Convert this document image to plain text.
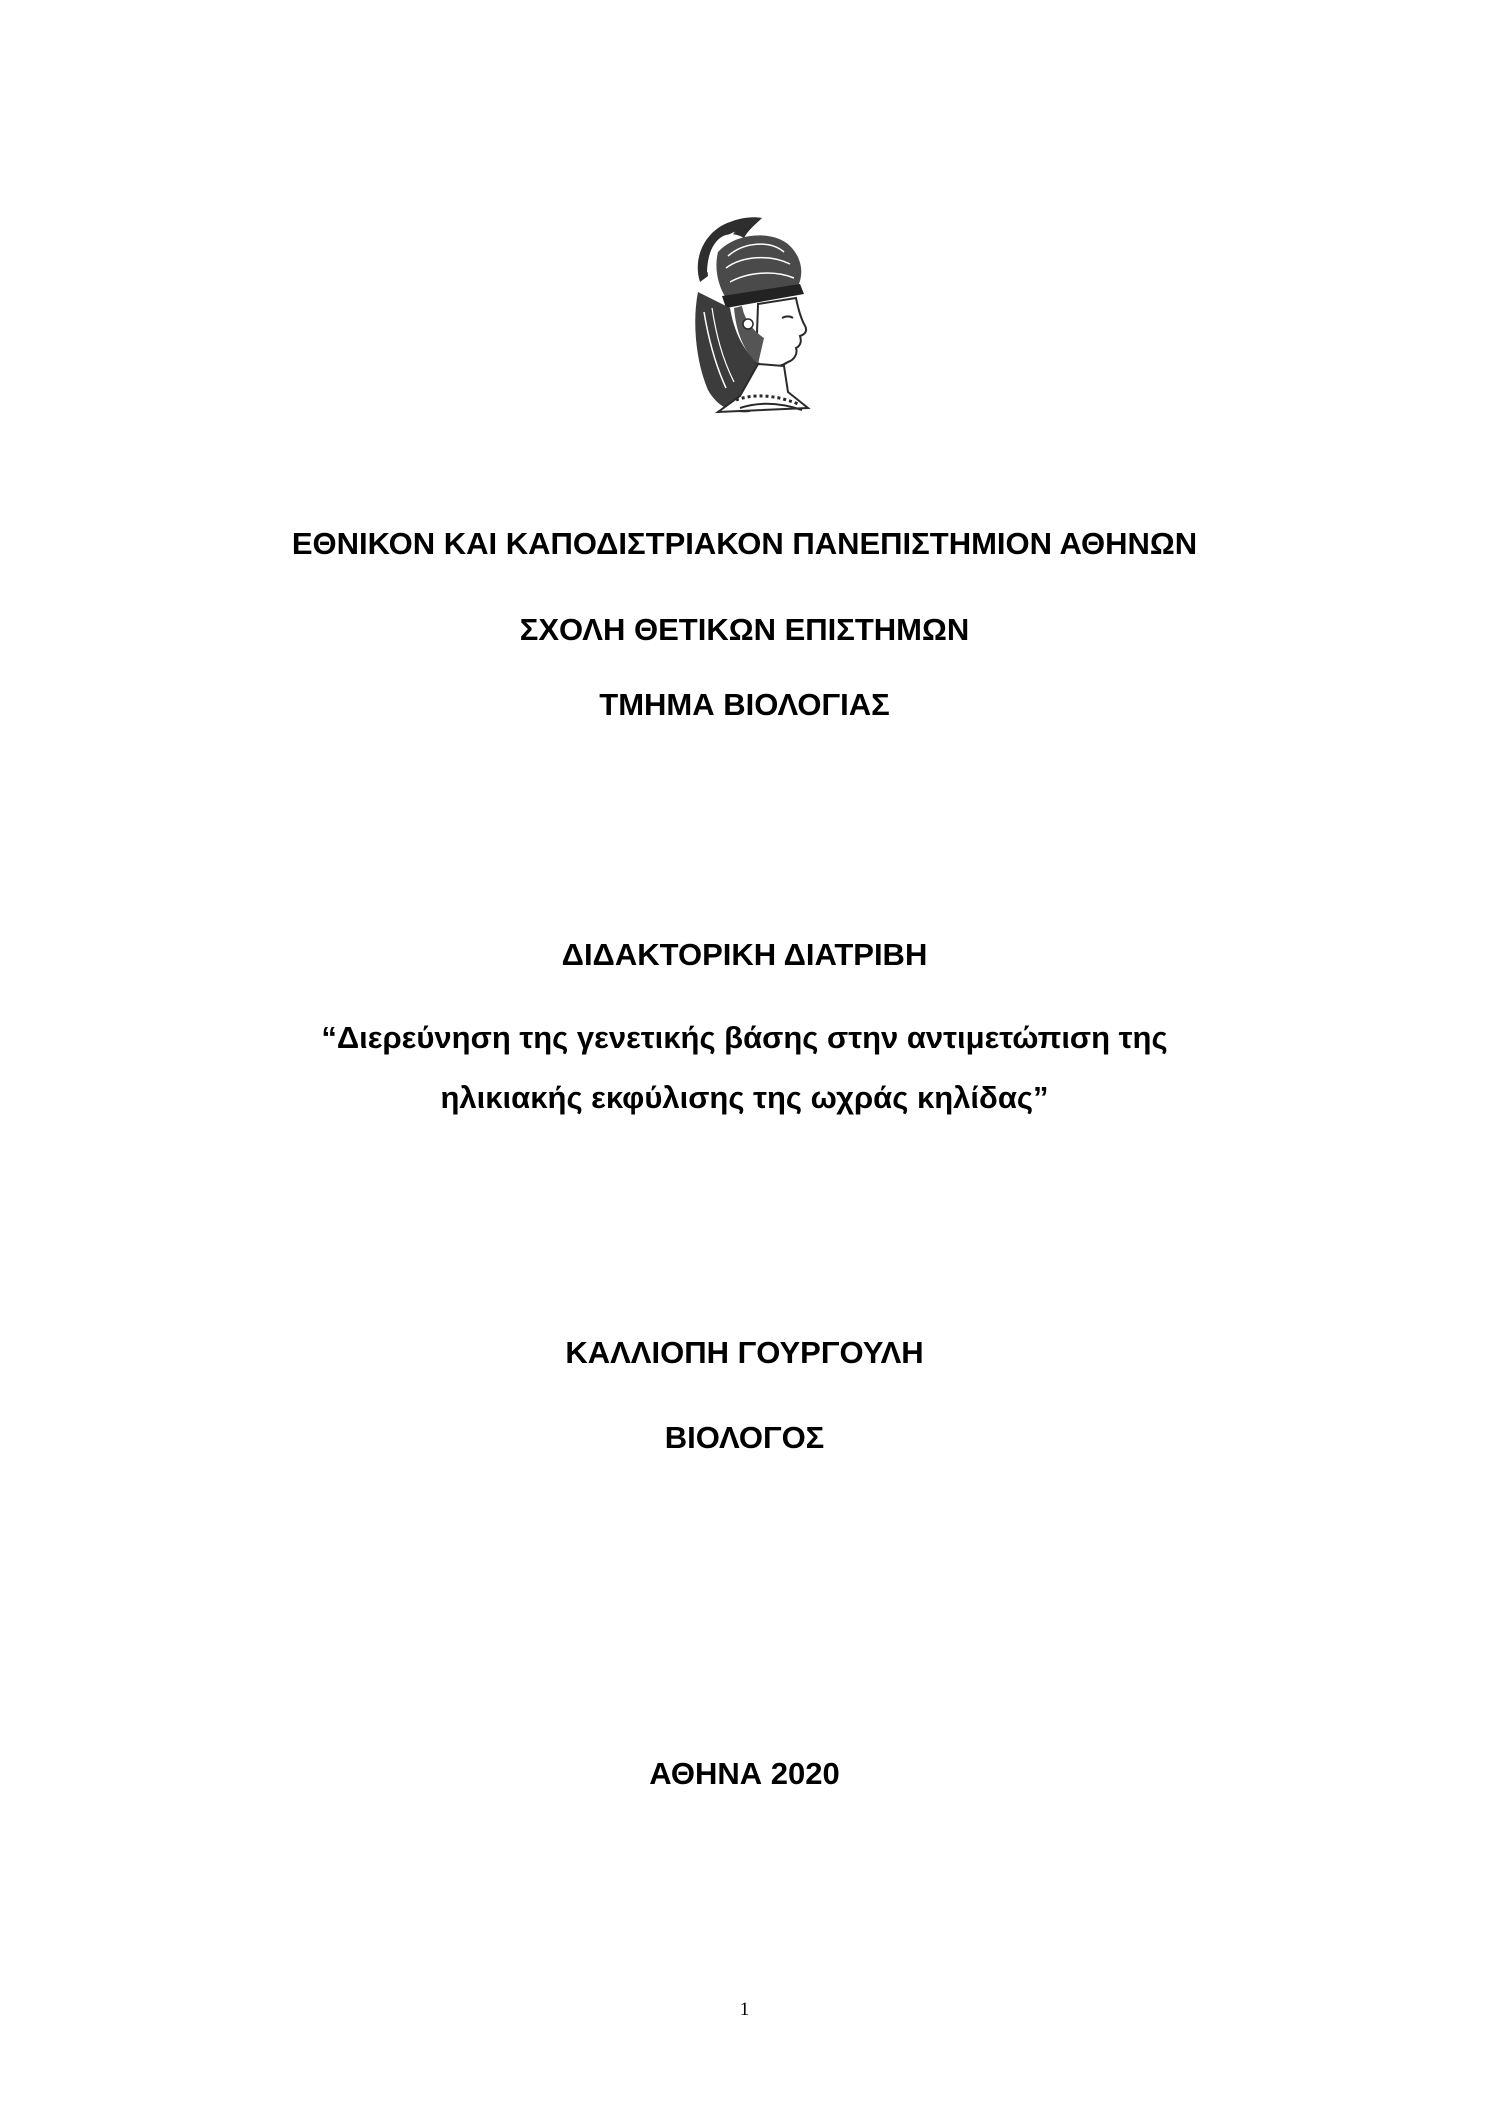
ΕΘΝΙΚΟΝ ΚΑΙ ΚΑΠΟΔΙΣΤΡΙΑΚΟΝ ΠΑΝΕΠΙΣΤΗΜΙΟΝ ΑΘΗΝΩΝ
ΣΧΟΛΗ ΘΕΤΙΚΩΝ ΕΠΙΣΤΗΜΩΝ
ΤΜΗΜΑ ΒΙΟΛΟΓΙΑΣ
ΔΙΔΑΚΤΟΡΙΚΗ ΔΙΑΤΡΙΒΗ
“Διερεύνηση της γενετικής βάσης στην αντιμετώπιση της
ηλικιακής εκφύλισης της ωχράς κηλίδας”
ΚΑΛΛΙΟΠΗ ΓΟΥΡΓΟΥΛΗ
ΒΙΟΛΟΓΟΣ
ΑΘΗΝΑ 2020
1
